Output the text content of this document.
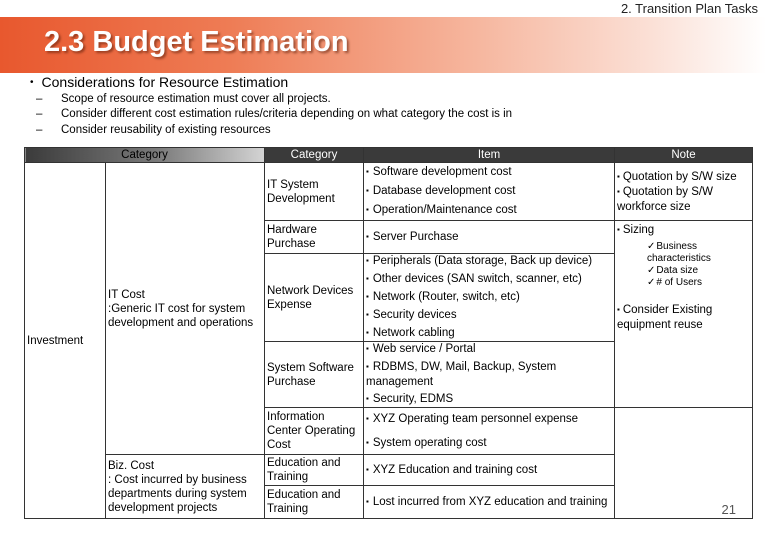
2. Transition Plan Tasks
2.3 Budget Estimation
• Considerations for Resource Estimation
– Scope of resource estimation must cover all projects.
– Consider different cost estimation rules/criteria depending on what category the cost is in
– Consider reusability of existing resources
Category		Category	Item	Note
Investment	IT Cost
:Generic IT cost for system development and operations	IT System Development	▪ Software development cost
▪ Database development cost
▪ Operation/Maintenance cost	▪ Quotation by S/W size
▪ Quotation by S/W workforce size

		Hardware Purchase	▪ Server Purchase	▪ Sizing
✓Business characteristics
✓Data size
✓# of Users
▪ Consider Existing equipment reuse

		Network Devices Expense	▪ Peripherals (Data storage, Back up device)
▪ Other devices (SAN switch, scanner, etc)
▪ Network (Router, switch, etc)
▪ Security devices
▪ Network cabling	

		System Software Purchase	▪ Web service / Portal
▪ RDBMS, DW, Mail, Backup, System management
▪ Security, EDMS	

		Information Center Operating Cost	▪ XYZ Operating team personnel expense
▪ System operating cost	

	Biz. Cost
: Cost incurred by business departments during system development projects	Education and Training	▪ XYZ Education and training cost	

		Education and Training	▪ Lost incurred from XYZ education and training	
21
